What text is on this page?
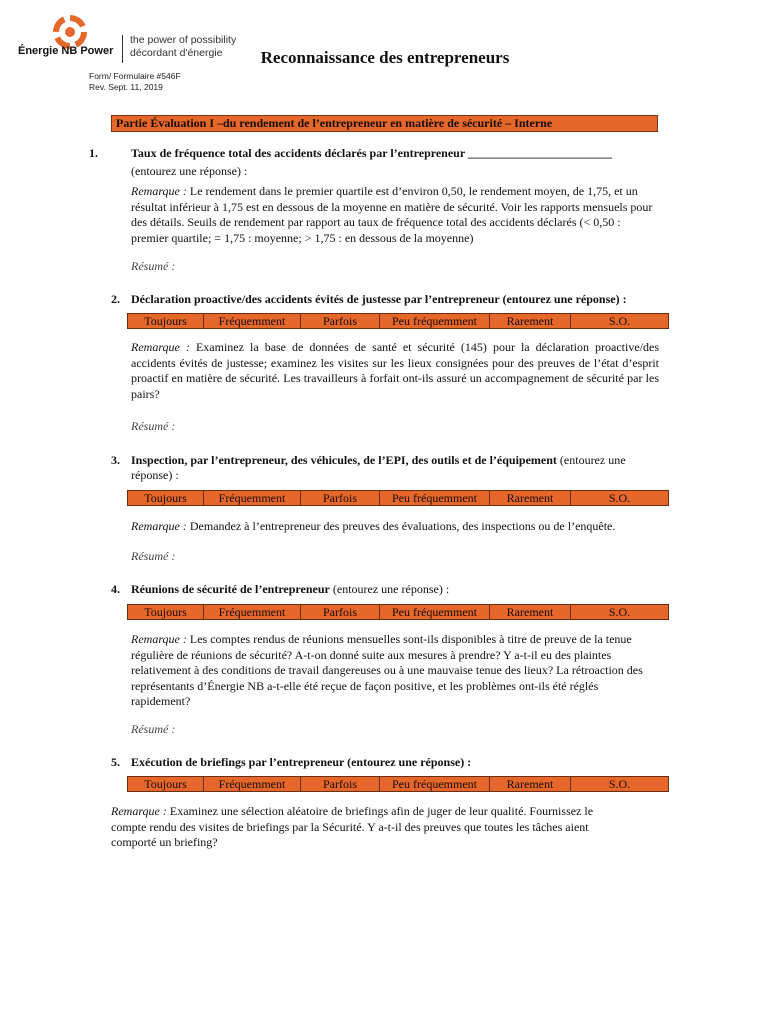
Énergie NB Power
the power of possibility
décordant d'énergie	Reconnaissance des entrepreneurs
Form/ Formulaire #546F
Rev. Sept. 11, 2019
Partie Évaluation I –du rendement de l’entrepreneur en matière de sécurité – Interne
1.	Taux de fréquence total des accidents déclarés par l’entrepreneur ________________________
(entourez une réponse) :
Remarque : Le rendement dans le premier quartile est d’environ 0,50, le rendement moyen, de 1,75, et un résultat inférieur à 1,75 est en dessous de la moyenne en matière de sécurité. Voir les rapports mensuels pour des détails. Seuils de rendement par rapport au taux de fréquence total des accidents déclarés (< 0,50 : premier quartile; = 1,75 : moyenne; > 1,75 : en dessous de la moyenne)
Résumé :
2. Déclaration proactive/des accidents évités de justesse par l’entrepreneur (entourez une réponse) :
Toujours	Fréquemment	Parfois	Peu fréquemment	Rarement	S.O.
Remarque : Examinez la base de données de santé et sécurité (145) pour la déclaration proactive/des accidents évités de justesse; examinez les visites sur les lieux consignées pour des preuves de l’état d’esprit proactif en matière de sécurité. Les travailleurs à forfait ont-ils assuré un accompagnement de sécurité par les pairs?
Résumé :
3. Inspection, par l’entrepreneur, des véhicules, de l’EPI, des outils et de l’équipement (entourez une réponse) :
Toujours	Fréquemment	Parfois	Peu fréquemment	Rarement	S.O.
Remarque : Demandez à l’entrepreneur des preuves des évaluations, des inspections ou de l’enquête.
Résumé :
4. Réunions de sécurité de l’entrepreneur (entourez une réponse) :
Toujours	Fréquemment	Parfois	Peu fréquemment	Rarement	S.O.
Remarque : Les comptes rendus de réunions mensuelles sont-ils disponibles à titre de preuve de la tenue régulière de réunions de sécurité? A-t-on donné suite aux mesures à prendre? Y a-t-il eu des plaintes relativement à des conditions de travail dangereuses ou à une mauvaise tenue des lieux? La rétroaction des représentants d’Énergie NB a-t-elle été reçue de façon positive, et les problèmes ont-ils été réglés rapidement?
Résumé :
5. Exécution de briefings par l’entrepreneur (entourez une réponse) :
Toujours	Fréquemment	Parfois	Peu fréquemment	Rarement	S.O.
Remarque : Examinez une sélection aléatoire de briefings afin de juger de leur qualité. Fournissez le compte rendu des visites de briefings par la Sécurité. Y a-t-il des preuves que toutes les tâches aient comporté un briefing?
